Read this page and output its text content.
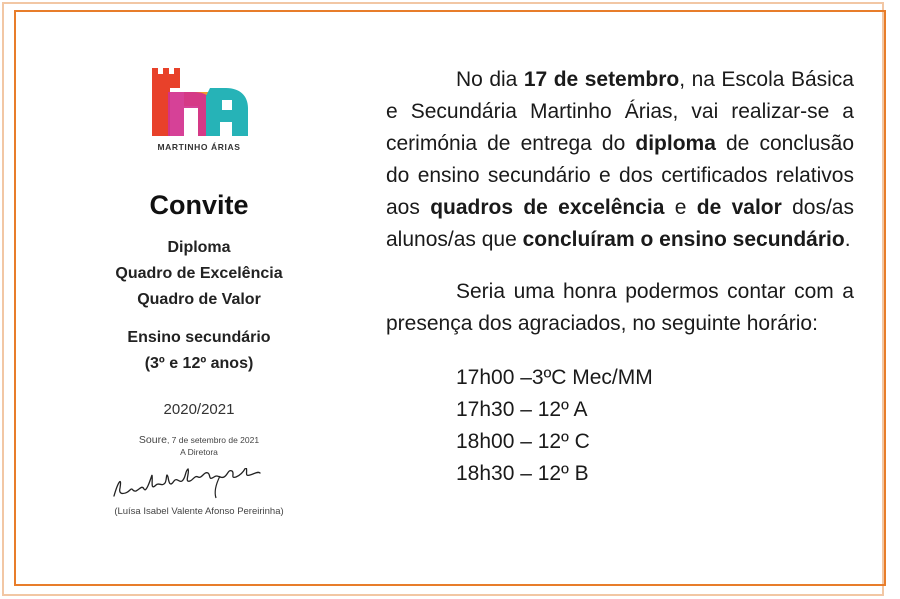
MARTINHO ÁRIAS
Convite
Diploma
Quadro de Excelência
Quadro de Valor
Ensino secundário
(3º e 12º anos)
2020/2021
Soure, 7 de setembro de 2021
A Diretora
(Luísa Isabel Valente Afonso Pereirinha)

No dia 17 de setembro, na Escola Básica e Secundária Martinho Árias, vai realizar-se a cerimónia de entrega do diploma de conclusão do ensino secundário e dos certificados relativos aos quadros de excelência e de valor dos/as alunos/as que concluíram o ensino secundário.

Seria uma honra podermos contar com a presença dos agraciados, no seguinte horário:

17h00 –3ºC Mec/MM
17h30 – 12º A
18h00 – 12º C
18h30 – 12º B
